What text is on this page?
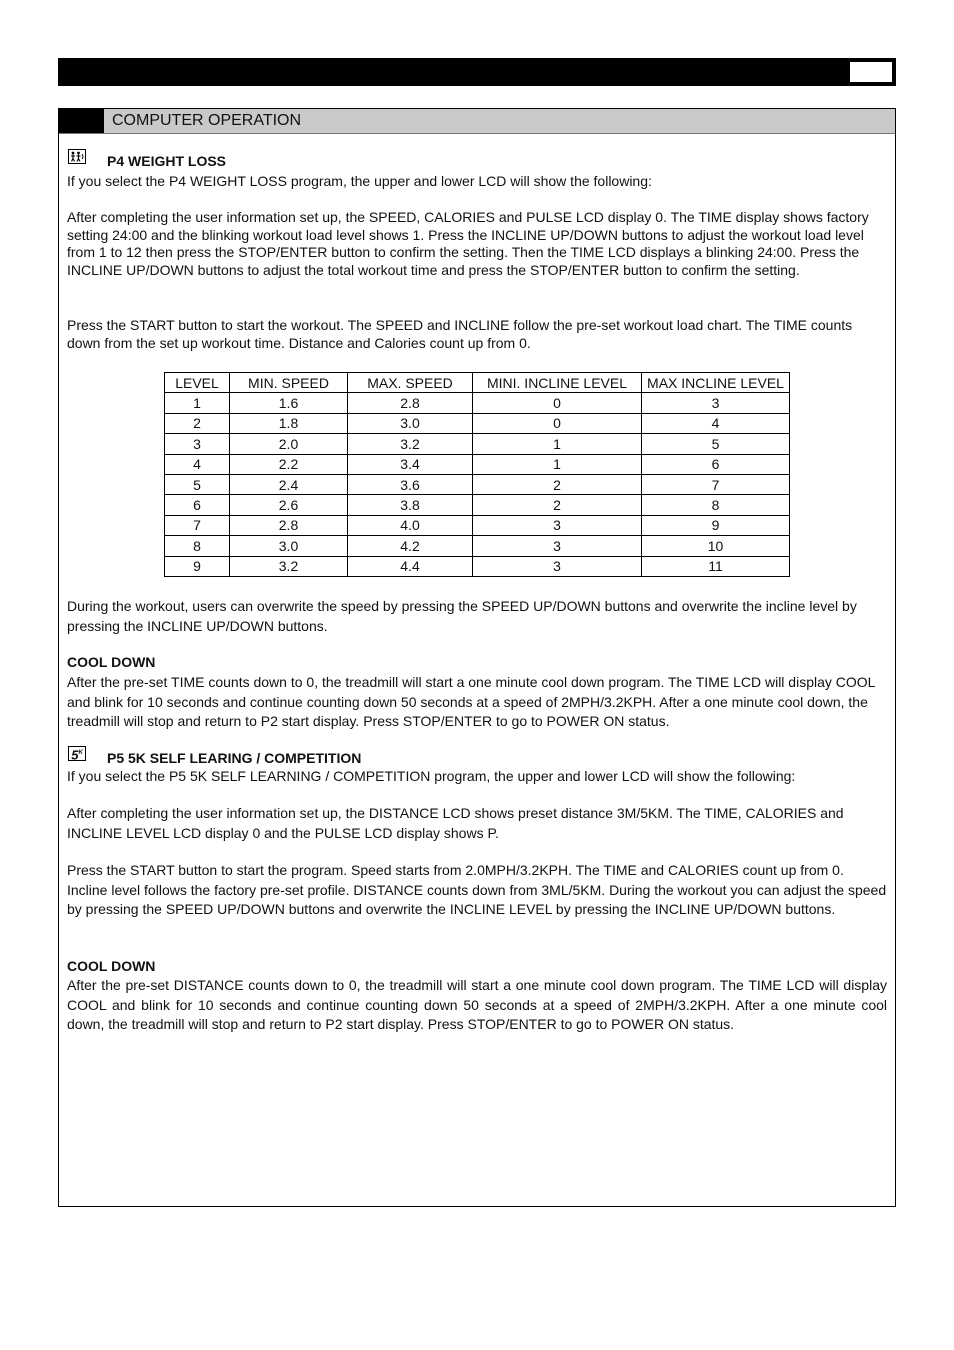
COMPUTER OPERATION
P4 WEIGHT LOSS
If you select the P4 WEIGHT LOSS program, the upper and lower LCD will show the following:
After completing the user information set up, the SPEED, CALORIES and PULSE LCD display 0. The TIME display shows factory setting 24:00 and the blinking workout load level shows 1. Press the INCLINE UP/DOWN buttons to adjust the workout load level from 1 to 12 then press the STOP/ENTER button to confirm the setting. Then the TIME LCD displays a blinking 24:00. Press the INCLINE UP/DOWN buttons to adjust the total workout time and press the STOP/ENTER button to confirm the setting.
Press the START button to start the workout. The SPEED and INCLINE follow the pre-set workout load chart. The TIME counts down from the set up workout time. Distance and Calories count up from 0.
LEVEL	MIN. SPEED	MAX. SPEED	MINI. INCLINE LEVEL	MAX INCLINE LEVEL
1	1.6	2.8	0	3
2	1.8	3.0	0	4
3	2.0	3.2	1	5
4	2.2	3.4	1	6
5	2.4	3.6	2	7
6	2.6	3.8	2	8
7	2.8	4.0	3	9
8	3.0	4.2	3	10
9	3.2	4.4	3	11
During the workout, users can overwrite the speed by pressing the SPEED UP/DOWN buttons and overwrite the incline level by pressing the INCLINE UP/DOWN buttons.
COOL DOWN
After the pre-set TIME counts down to 0, the treadmill will start a one minute cool down program. The TIME LCD will display COOL and blink for 10 seconds and continue counting down 50 seconds at a speed of 2MPH/3.2KPH. After a one minute cool down, the treadmill will stop and return to P2 start display. Press STOP/ENTER to go to POWER ON status.
$5^K$ P5 5K SELF LEARING / COMPETITION
If you select the P5 5K SELF LEARNING / COMPETITION program, the upper and lower LCD will show the following:
After completing the user information set up, the DISTANCE LCD shows preset distance 3M/5KM. The TIME, CALORIES and INCLINE LEVEL LCD display 0 and the PULSE LCD display shows P.
Press the START button to start the program. Speed starts from 2.0MPH/3.2KPH. The TIME and CALORIES count up from 0. Incline level follows the factory pre-set profile. DISTANCE counts down from 3ML/5KM. During the workout you can adjust the speed by pressing the SPEED UP/DOWN buttons and overwrite the INCLINE LEVEL by pressing the INCLINE UP/DOWN buttons.
COOL DOWN
After the pre-set DISTANCE counts down to 0, the treadmill will start a one minute cool down program. The TIME LCD will display COOL and blink for 10 seconds and continue counting down 50 seconds at a speed of 2MPH/3.2KPH. After a one minute cool down, the treadmill will stop and return to P2 start display. Press STOP/ENTER to go to POWER ON status.
